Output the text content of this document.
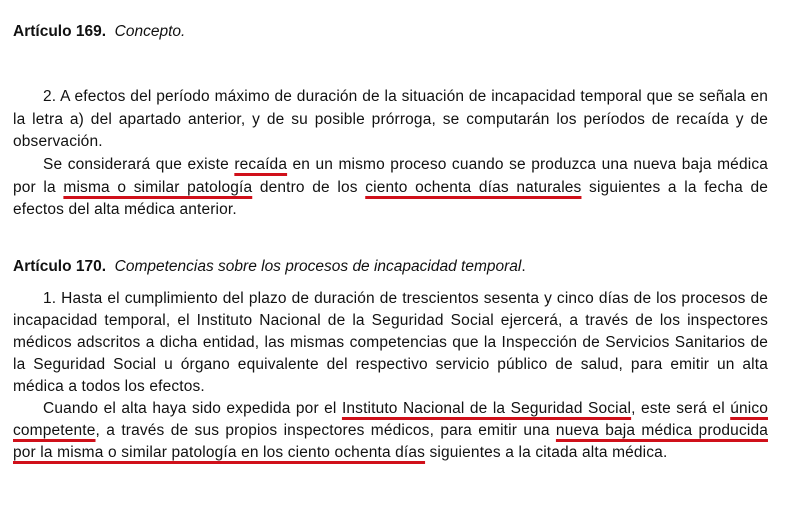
Artículo 169. Concepto.
2. A efectos del período máximo de duración de la situación de incapacidad temporal que se señala en la letra a) del apartado anterior, y de su posible prórroga, se computarán los períodos de recaída y de observación.
Se considerará que existe recaída en un mismo proceso cuando se produzca una nueva baja médica por la misma o similar patología dentro de los ciento ochenta días naturales siguientes a la fecha de efectos del alta médica anterior.
Artículo 170. Competencias sobre los procesos de incapacidad temporal.
1. Hasta el cumplimiento del plazo de duración de trescientos sesenta y cinco días de los procesos de incapacidad temporal, el Instituto Nacional de la Seguridad Social ejercerá, a través de los inspectores médicos adscritos a dicha entidad, las mismas competencias que la Inspección de Servicios Sanitarios de la Seguridad Social u órgano equivalente del respectivo servicio público de salud, para emitir un alta médica a todos los efectos.
Cuando el alta haya sido expedida por el Instituto Nacional de la Seguridad Social, este será el único competente, a través de sus propios inspectores médicos, para emitir una nueva baja médica producida por la misma o similar patología en los ciento ochenta días siguientes a la citada alta médica.
